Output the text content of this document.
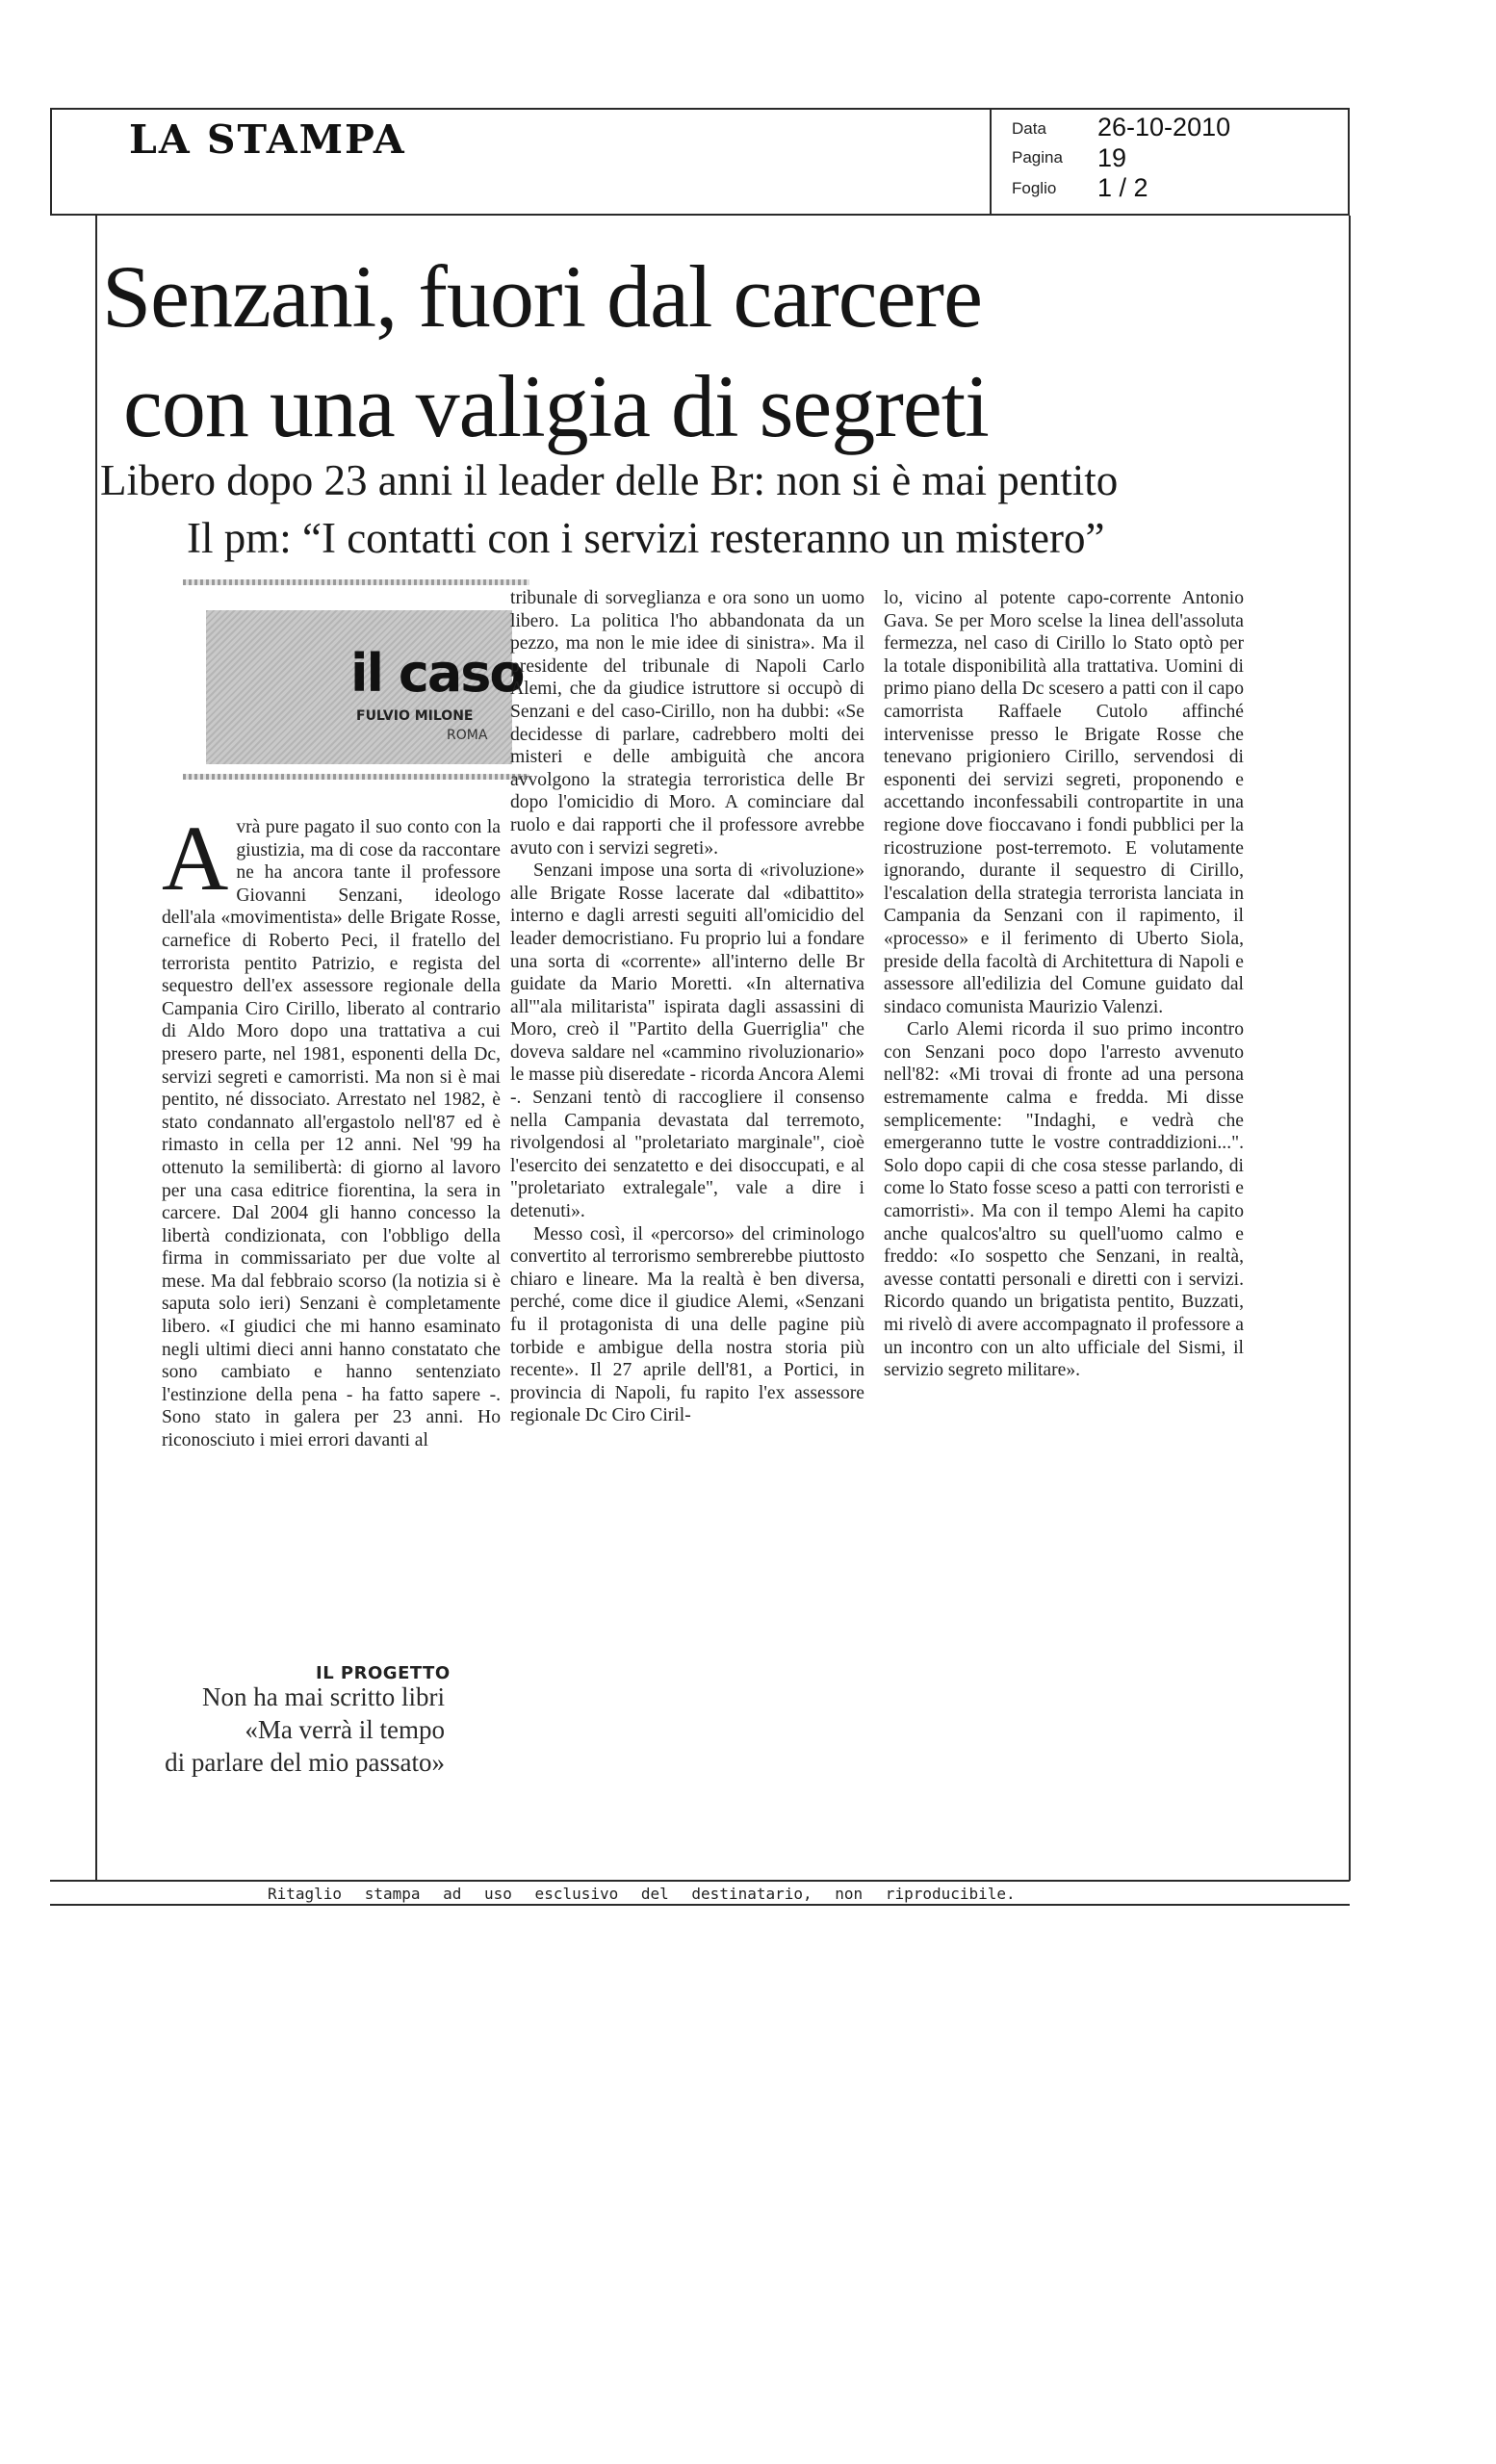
LA STAMPA	Data
Pagina
Foglio
26-10-2010
19
1 / 2
Senzani, fuori dal carcere
con una valigia di segreti
Libero dopo 23 anni il leader delle Br: non si è mai pentito
Il pm: “I contatti con i servizi resteranno un mistero”
il caso
FULVIO MILONE
ROMA
A vrà pure pagato il suo conto con la giustizia, ma di cose da raccontare ne ha ancora tante il professore Giovanni Senzani, ideologo dell'ala «movimentista» delle Brigate Rosse, carnefice di Roberto Peci, il fratello del terrorista pentito Patrizio, e regista del sequestro dell'ex assessore regionale della Campania Ciro Cirillo, liberato al contrario di Aldo Moro dopo una trattativa a cui presero parte, nel 1981, esponenti della Dc, servizi segreti e camorristi. Ma non si è mai pentito, né dissociato. Arrestato nel 1982, è stato condannato all'ergastolo nell'87 ed è rimasto in cella per 12 anni. Nel '99 ha ottenuto la semilibertà: di giorno al lavoro per una casa editrice fiorentina, la sera in carcere. Dal 2004 gli hanno concesso la libertà condizionata, con l'obbligo della firma in commissariato per due volte al mese. Ma dal febbraio scorso (la notizia si è saputa solo ieri) Senzani è completamente libero. «I giudici che mi hanno esaminato negli ultimi dieci anni hanno constatato che sono cambiato e hanno sentenziato l'estinzione della pena - ha fatto sapere -. Sono stato in galera per 23 anni. Ho riconosciuto i miei errori davanti al

tribunale di sorveglianza e ora sono un uomo libero. La politica l'ho abbandonata da un pezzo, ma non le mie idee di sinistra». Ma il presidente del tribunale di Napoli Carlo Alemi, che da giudice istruttore si occupò di Senzani e del caso-Cirillo, non ha dubbi: «Se decidesse di parlare, cadrebbero molti dei misteri e delle ambiguità che ancora avvolgono la strategia terroristica delle Br dopo l'omicidio di Moro. A cominciare dal ruolo e dai rapporti che il professore avrebbe avuto con i servizi segreti».

Senzani impose una sorta di «rivoluzione» alle Brigate Rosse lacerate dal «dibattito» interno e dagli arresti seguiti all'omicidio del leader democristiano. Fu proprio lui a fondare una sorta di «corrente» all'interno delle Br guidate da Mario Moretti. «In alternativa all'"ala militarista" ispirata dagli assassini di Moro, creò il "Partito della Guerriglia" che doveva saldare nel «cammino rivoluzionario» le masse più diseredate - ricorda Ancora Alemi -. Senzani tentò di raccogliere il consenso nella Campania devastata dal terremoto, rivolgendosi al "proletariato marginale", cioè l'esercito dei senzatetto e dei disoccupati, e al "proletariato extralegale", vale a dire i detenuti».

Messo così, il «percorso» del criminologo convertito al terrorismo sembrerebbe piuttosto chiaro e lineare. Ma la realtà è ben diversa, perché, come dice il giudice Alemi, «Senzani fu il protagonista di una delle pagine più torbide e ambigue della nostra storia più recente». Il 27 aprile dell'81, a Portici, in provincia di Napoli, fu rapito l'ex assessore regionale Dc Ciro Ciril-

lo, vicino al potente capo-corrente Antonio Gava. Se per Moro scelse la linea dell'assoluta fermezza, nel caso di Cirillo lo Stato optò per la totale disponibilità alla trattativa. Uomini di primo piano della Dc scesero a patti con il capo camorrista Raffaele Cutolo affinché intervenisse presso le Brigate Rosse che tenevano prigioniero Cirillo, servendosi di esponenti dei servizi segreti, proponendo e accettando inconfessabili contropartite in una regione dove fioccavano i fondi pubblici per la ricostruzione post-terremoto. E volutamente ignorando, durante il sequestro di Cirillo, l'escalation della strategia terrorista lanciata in Campania da Senzani con il rapimento, il «processo» e il ferimento di Uberto Siola, preside della facoltà di Architettura di Napoli e assessore all'edilizia del Comune guidato dal sindaco comunista Maurizio Valenzi.

Carlo Alemi ricorda il suo primo incontro con Senzani poco dopo l'arresto avvenuto nell'82: «Mi trovai di fronte ad una persona estremamente calma e fredda. Mi disse semplicemente: "Indaghi, e vedrà che emergeranno tutte le vostre contraddizioni...". Solo dopo capii di che cosa stesse parlando, di come lo Stato fosse sceso a patti con terroristi e camorristi». Ma con il tempo Alemi ha capito anche qualcos'altro su quell'uomo calmo e freddo: «Io sospetto che Senzani, in realtà, avesse contatti personali e diretti con i servizi. Ricordo quando un brigatista pentito, Buzzati, mi rivelò di avere accompagnato il professore a un incontro con un alto ufficiale del Sismi, il servizio segreto militare».

IL PROGETTO
Non ha mai scritto libri
«Ma verrà il tempo
di parlare del mio passato»
Ritaglio stampa ad uso esclusivo del destinatario, non riproducibile.
